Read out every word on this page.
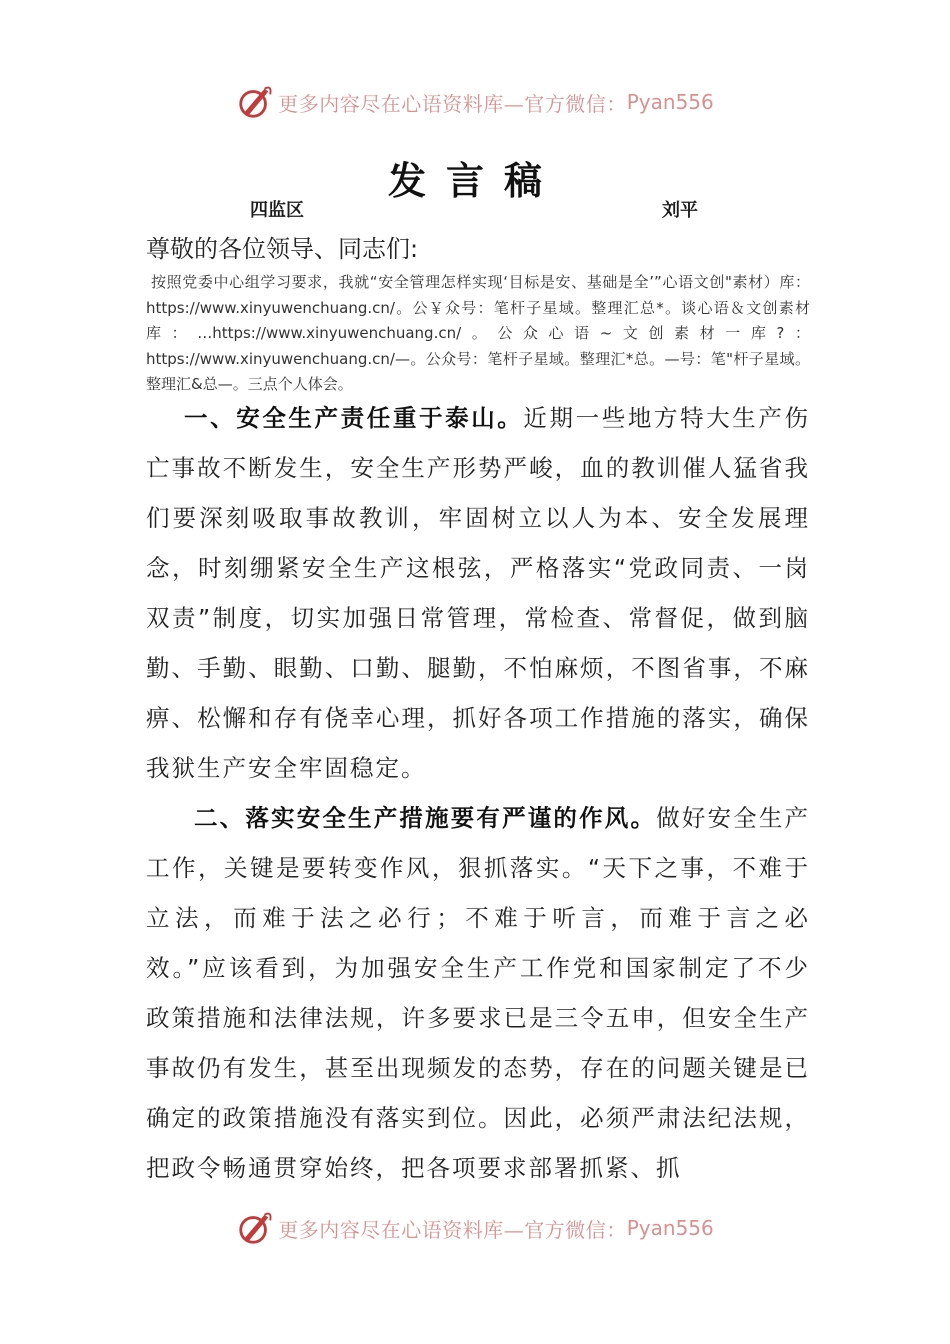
更多内容尽在心语资料库—官方微信： Pyan556
发言稿
四监区	刘平
尊敬的各位领导、同志们:
按照党委中心组学习要求，我就“安全管理怎样实现‘目标是安、基础是全’”心语文创"素材）库：https://www.xinyuwenchuang.cn/。公￥众号：笔杆子星域。整理汇总*。谈心语＆文创素材库：…https://www.xinyuwenchuang.cn/。公众心语~文创素材一库?：https://www.xinyuwenchuang.cn/—。公众号：笔杆子星域。整理汇*总。—号：笔"杆子星域。整理汇&总—。三点个人体会。
一、安全生产责任重于泰山。近期一些地方特大生产伤亡事故不断发生，安全生产形势严峻，血的教训催人猛省我们要深刻吸取事故教训，牢固树立以人为本、安全发展理念，时刻绷紧安全生产这根弦，严格落实“党政同责、一岗双责”制度，切实加强日常管理，常检查、常督促，做到脑勤、手勤、眼勤、口勤、腿勤，不怕麻烦，不图省事，不麻痹、松懈和存有侥幸心理，抓好各项工作措施的落实，确保我狱生产安全牢固稳定。
二、落实安全生产措施要有严谨的作风。做好安全生产工作，关键是要转变作风，狠抓落实。“天下之事，不难于立法，而难于法之必行；不难于听言，而难于言之必效。”应该看到，为加强安全生产工作党和国家制定了不少政策措施和法律法规，许多要求已是三令五申，但安全生产事故仍有发生，甚至出现频发的态势，存在的问题关键是已确定的政策措施没有落实到位。因此，必须严肃法纪法规，把政令畅通贯穿始终，把各项要求部署抓紧、抓
更多内容尽在心语资料库—官方微信： Pyan556
